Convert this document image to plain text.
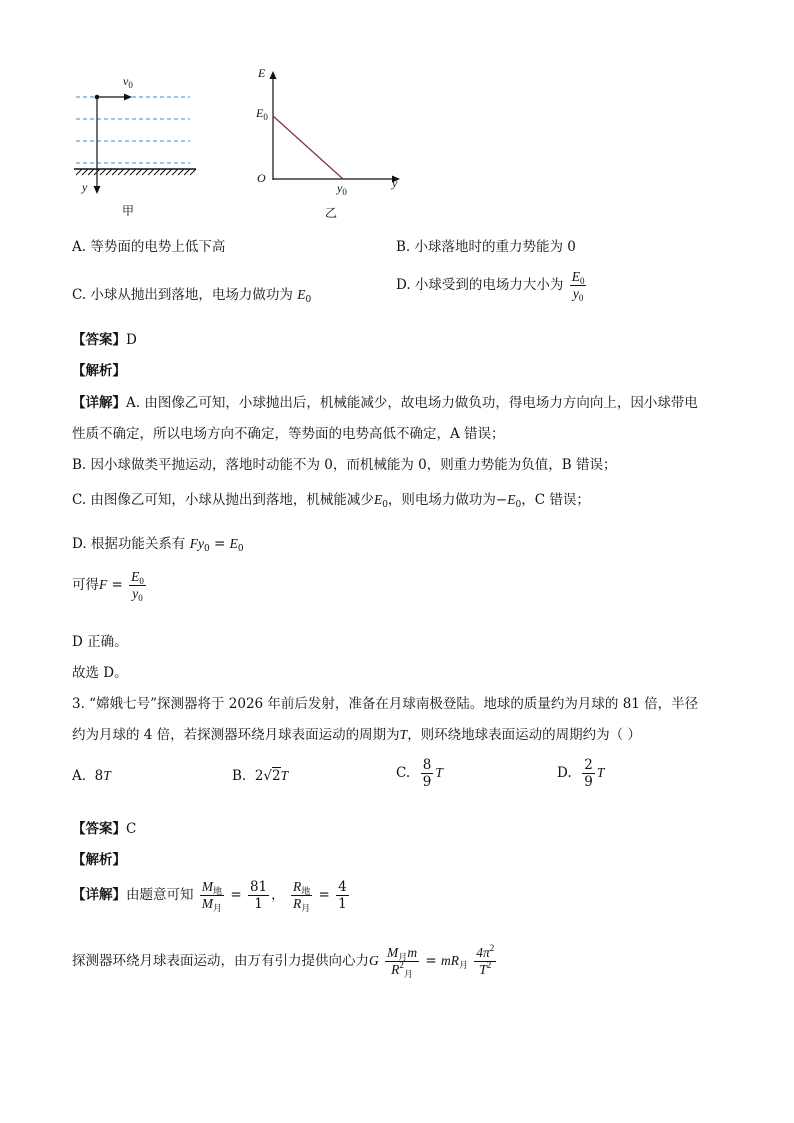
$v_0$
y
甲
E
$E_0$
O	y
$y_0$
乙
A. 等势面的电势上低下高	B. 小球落地时的重力势能为 0
C. 小球从抛出到落地，电场力做功为 $E_0$
D. 小球受到的电场力大小为 $\frac{E_0}{y_0}$
【答案】D
【解析】
【详解】A. 由图像乙可知，小球抛出后，机械能减少，故电场力做负功，得电场力方向向上，因小球带电
性质不确定，所以电场方向不确定，等势面的电势高低不确定，A 错误；
B. 因小球做类平抛运动，落地时动能不为 0，而机械能为 0，则重力势能为负值，B 错误；
C. 由图像乙可知，小球从抛出到落地，机械能减少$E_0$，则电场力做功为$-E_0$，C 错误；
D. 根据功能关系有 $Fy_0 = E_0$
可得$F = \frac{E_0}{y_0}$
D 正确。
故选 D。
3. “嫦娥七号”探测器将于 2026 年前后发射，准备在月球南极登陆。地球的质量约为月球的 81 倍，半径
约为月球的 4 倍，若探测器环绕月球表面运动的周期为T，则环绕地球表面运动的周期约为（ ）
A. 8T	B. 2√2T	C. $\frac{8}{9}$ T	D. $\frac{2}{9}$ T
【答案】C
【解析】
【详解】由题意可知 $\frac{M_地}{M_月} = \frac{81}{1}$ ， $\frac{R_地}{R_月} = \frac{4}{1}$
探测器环绕月球表面运动，由万有引力提供向心力G $\frac{M_月m}{R^2_月} = mR_月 \frac{4\pi^2}{T^2}$
